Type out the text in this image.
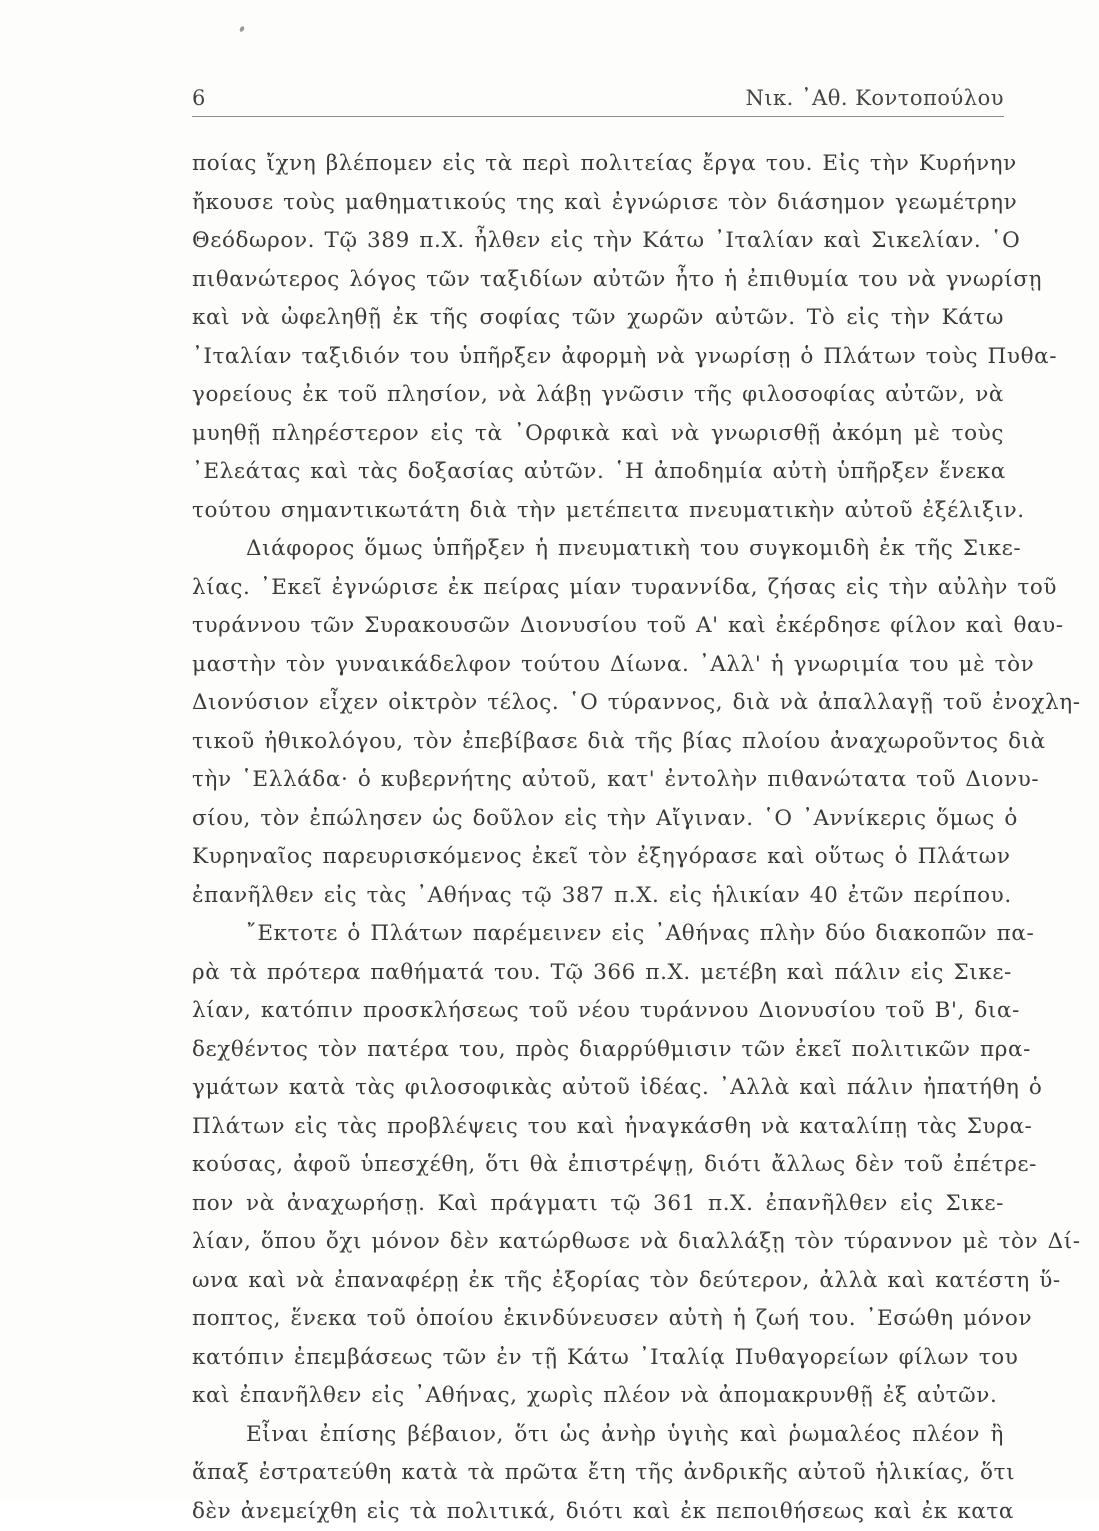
6	Νικ. ᾿Αθ. Κοντοπούλου
ποίας ἴχνη βλέπομεν εἰς τὰ περὶ πολιτείας ἔργα του. Εἰς τὴν Κυρήνην
ἤκουσε τοὺς μαθηματικούς της καὶ ἐγνώρισε τὸν διάσημον γεωμέτρην
Θεόδωρον. Τῷ 389 π.Χ. ἦλθεν εἰς τὴν Κάτω ᾿Ιταλίαν καὶ Σικελίαν. ῾Ο
πιθανώτερος λόγος τῶν ταξιδίων αὐτῶν ἦτο ἡ ἐπιθυμία του νὰ γνωρίσῃ
καὶ νὰ ὠφεληθῇ ἐκ τῆς σοφίας τῶν χωρῶν αὐτῶν. Τὸ εἰς τὴν Κάτω
᾿Ιταλίαν ταξιδιόν του ὑπῆρξεν ἀφορμὴ νὰ γνωρίσῃ ὁ Πλάτων τοὺς Πυθα-
γορείους ἐκ τοῦ πλησίον, νὰ λάβῃ γνῶσιν τῆς φιλοσοφίας αὐτῶν, νὰ
μυηθῇ πληρέστερον εἰς τὰ ᾿Ορφικὰ καὶ νὰ γνωρισθῇ ἀκόμη μὲ τοὺς
᾿Ελεάτας καὶ τὰς δοξασίας αὐτῶν. ῾Η ἀποδημία αὐτὴ ὑπῆρξεν ἕνεκα
τούτου σημαντικωτάτη διὰ τὴν μετέπειτα πνευματικὴν αὐτοῦ ἐξέλιξιν.
Διάφορος ὅμως ὑπῆρξεν ἡ πνευματικὴ του συγκομιδὴ ἐκ τῆς Σικε-
λίας. ᾿Εκεῖ ἐγνώρισε ἐκ πείρας μίαν τυραννίδα, ζήσας εἰς τὴν αὐλὴν τοῦ
τυράννου τῶν Συρακουσῶν Διονυσίου τοῦ Α' καὶ ἐκέρδησε φίλον καὶ θαυ-
μαστὴν τὸν γυναικάδελφον τούτου Δίωνα. ᾿Αλλ' ἡ γνωριμία του μὲ τὸν
Διονύσιον εἶχεν οἰκτρὸν τέλος. ῾Ο τύραννος, διὰ νὰ ἀπαλλαγῇ τοῦ ἐνοχλη-
τικοῦ ἠθικολόγου, τὸν ἐπεβίβασε διὰ τῆς βίας πλοίου ἀναχωροῦντος διὰ
τὴν ῾Ελλάδα· ὁ κυβερνήτης αὐτοῦ, κατ' ἐντολὴν πιθανώτατα τοῦ Διονυ-
σίου, τὸν ἐπώλησεν ὡς δοῦλον εἰς τὴν Αἴγιναν. ῾Ο ᾿Αννίκερις ὅμως ὁ
Κυρηναῖος παρευρισκόμενος ἐκεῖ τὸν ἐξηγόρασε καὶ οὕτως ὁ Πλάτων
ἐπανῆλθεν εἰς τὰς ᾿Αθήνας τῷ 387 π.Χ. εἰς ἡλικίαν 40 ἐτῶν περίπου.
῎Εκτοτε ὁ Πλάτων παρέμεινεν εἰς ᾿Αθήνας πλὴν δύο διακοπῶν πα-
ρὰ τὰ πρότερα παθήματά του. Τῷ 366 π.Χ. μετέβη καὶ πάλιν εἰς Σικε-
λίαν, κατόπιν προσκλήσεως τοῦ νέου τυράννου Διονυσίου τοῦ Β', δια-
δεχθέντος τὸν πατέρα του, πρὸς διαρρύθμισιν τῶν ἐκεῖ πολιτικῶν πρα-
γμάτων κατὰ τὰς φιλοσοφικὰς αὐτοῦ ἰδέας. ᾿Αλλὰ καὶ πάλιν ἠπατήθη ὁ
Πλάτων εἰς τὰς προβλέψεις του καὶ ἠναγκάσθη νὰ καταλίπῃ τὰς Συρα-
κούσας, ἀφοῦ ὑπεσχέθη, ὅτι θὰ ἐπιστρέψῃ, διότι ἄλλως δὲν τοῦ ἐπέτρε-
πον νὰ ἀναχωρήσῃ. Καὶ πράγματι τῷ 361 π.Χ. ἐπανῆλθεν εἰς Σικε-
λίαν, ὅπου ὄχι μόνον δὲν κατώρθωσε νὰ διαλλάξῃ τὸν τύραννον μὲ τὸν Δί-
ωνα καὶ νὰ ἐπαναφέρῃ ἐκ τῆς ἐξορίας τὸν δεύτερον, ἀλλὰ καὶ κατέστη ὕ-
ποπτος, ἕνεκα τοῦ ὁποίου ἐκινδύνευσεν αὐτὴ ἡ ζωή του. ᾿Εσώθη μόνον
κατόπιν ἐπεμβάσεως τῶν ἐν τῇ Κάτω ᾿Ιταλίᾳ Πυθαγορείων φίλων του
καὶ ἐπανῆλθεν εἰς ᾿Αθήνας, χωρὶς πλέον νὰ ἀπομακρυνθῇ ἐξ αὐτῶν.
Εἶναι ἐπίσης βέβαιον, ὅτι ὡς ἀνὴρ ὑγιὴς καὶ ῥωμαλέος πλέον ἢ
ἅπαξ ἐστρατεύθη κατὰ τὰ πρῶτα ἔτη τῆς ἀνδρικῆς αὐτοῦ ἡλικίας, ὅτι
δὲν ἀνεμείχθη εἰς τὰ πολιτικά, διότι καὶ ἐκ πεποιθήσεως καὶ ἐκ κατα
